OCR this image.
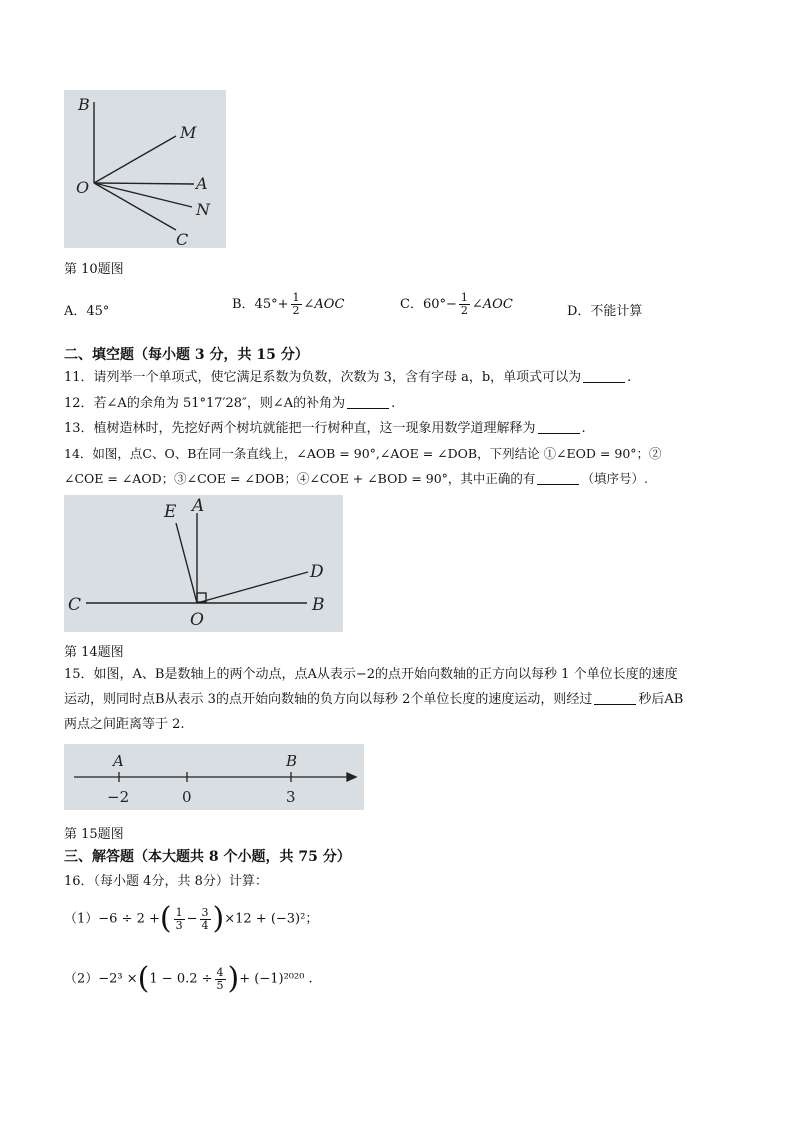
B
M
O	A
N
C
第 10题图
A．45°	B．$45^\circ+ \frac{1}{2}$ ∠AOC	C．$60^\circ- \frac{1}{2}$ ∠AOC	D．不能计算
二、填空题（每小题 3 分，共 15 分）
11．请列举一个单项式，使它满足系数为负数，次数为 3，含有字母 a，b，单项式可以为	.
12．若∠A的余角为 51°17′28″，则∠A的补角为	.
13．植树造林时，先挖好两个树坑就能把一行树种直，这一现象用数学道理解释为	.
14．如图，点C、O、B在同一条直线上，∠AOB = 90°,∠AOE = ∠DOB，下列结论 ①∠EOD = 90°；②
∠COE = ∠AOD；③∠COE = ∠DOB；④∠COE + ∠BOD = 90°，其中正确的有	（填序号）.
E A
D
C
O
B
第 14题图
15．如图，A、B是数轴上的两个动点，点A从表示−2的点开始向数轴的正方向以每秒 1 个单位长度的速度
运动，则同时点B从表示 3的点开始向数轴的负方向以每秒 2个单位长度的速度运动，则经过	秒后AB
两点之间距离等于 2.
A	B
−2	0	3
第 15题图
三、解答题（本大题共 8 个小题，共 75 分）
16．（每小题 4分，共 8分）计算：
（1）−6 ÷ 2 +( $\frac{1}{3} - \frac{3}{4} )\times 12 + (-3)^2$；
$(2)-2^3 \times(1 - 0.2 \div \frac{4}{5}$ )+ (−1)²⁰²⁰ .
